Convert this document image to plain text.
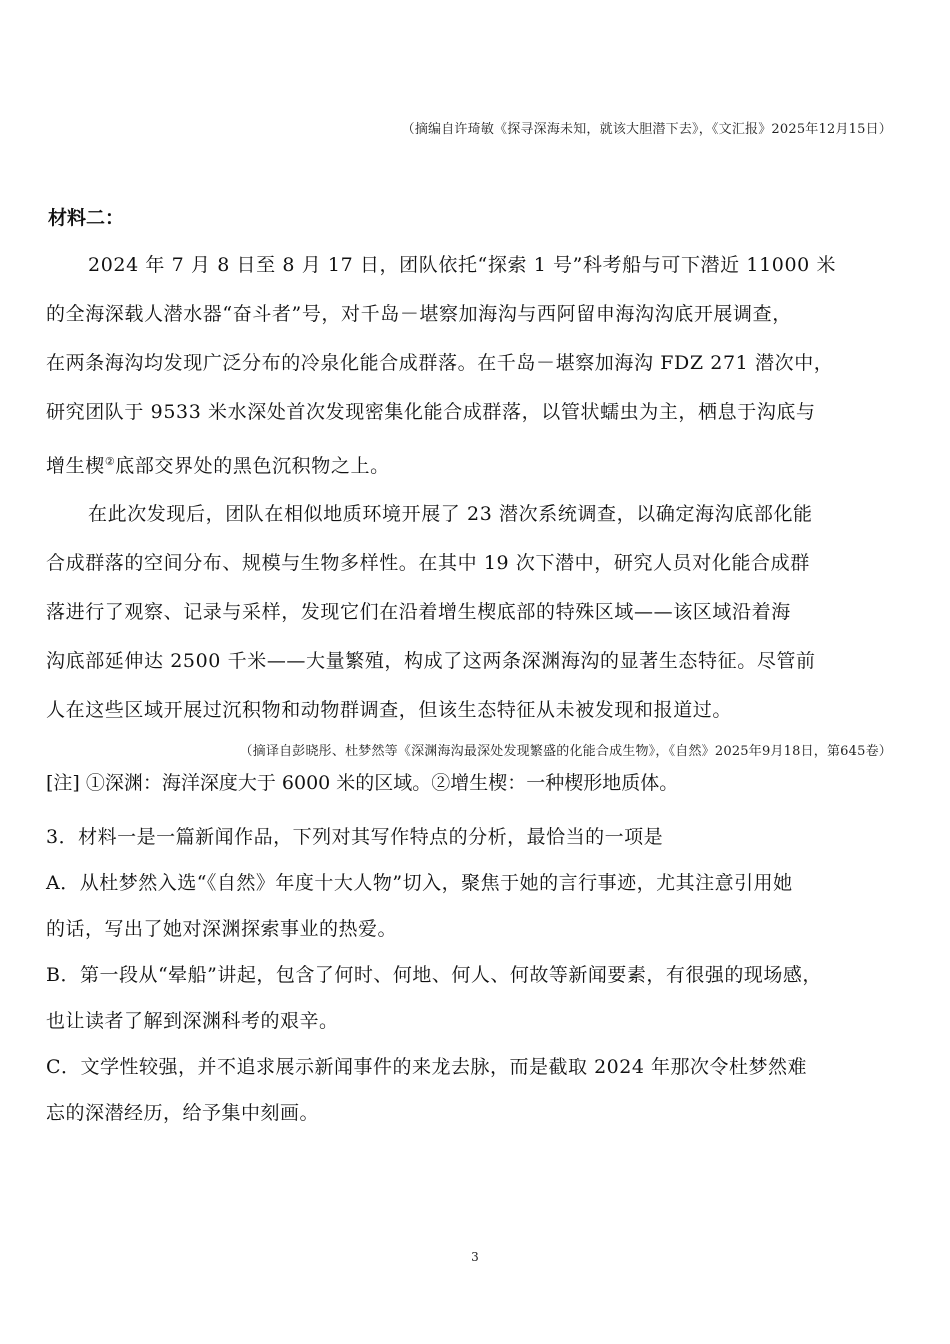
（摘编自许琦敏《探寻深海未知，就该大胆潜下去》，《文汇报》2025年12月15日）
材料二：
2024 年 7 月 8 日至 8 月 17 日，团队依托“探索 1 号”科考船与可下潜近 11000 米
的全海深载人潜水器“奋斗者”号，对千岛－堪察加海沟与西阿留申海沟沟底开展调查，
在两条海沟均发现广泛分布的冷泉化能合成群落。在千岛－堪察加海沟 FDZ 271 潜次中，
研究团队于 9533 米水深处首次发现密集化能合成群落，以管状蠕虫为主，栖息于沟底与
增生楔②底部交界处的黑色沉积物之上。
在此次发现后，团队在相似地质环境开展了 23 潜次系统调查，以确定海沟底部化能
合成群落的空间分布、规模与生物多样性。在其中 19 次下潜中，研究人员对化能合成群
落进行了观察、记录与采样，发现它们在沿着增生楔底部的特殊区域——该区域沿着海
沟底部延伸达 2500 千米——大量繁殖，构成了这两条深渊海沟的显著生态特征。尽管前
人在这些区域开展过沉积物和动物群调查，但该生态特征从未被发现和报道过。
（摘译自彭晓彤、杜梦然等《深渊海沟最深处发现繁盛的化能合成生物》，《自然》2025年9月18日，第645卷）
[注] ①深渊：海洋深度大于 6000 米的区域。②增生楔：一种楔形地质体。
3．材料一是一篇新闻作品，下列对其写作特点的分析，最恰当的一项是
A．从杜梦然入选“《自然》年度十大人物”切入，聚焦于她的言行事迹，尤其注意引用她
的话，写出了她对深渊探索事业的热爱。
B．第一段从“晕船”讲起，包含了何时、何地、何人、何故等新闻要素，有很强的现场感，
也让读者了解到深渊科考的艰辛。
C．文学性较强，并不追求展示新闻事件的来龙去脉，而是截取 2024 年那次令杜梦然难
忘的深潜经历，给予集中刻画。
3
